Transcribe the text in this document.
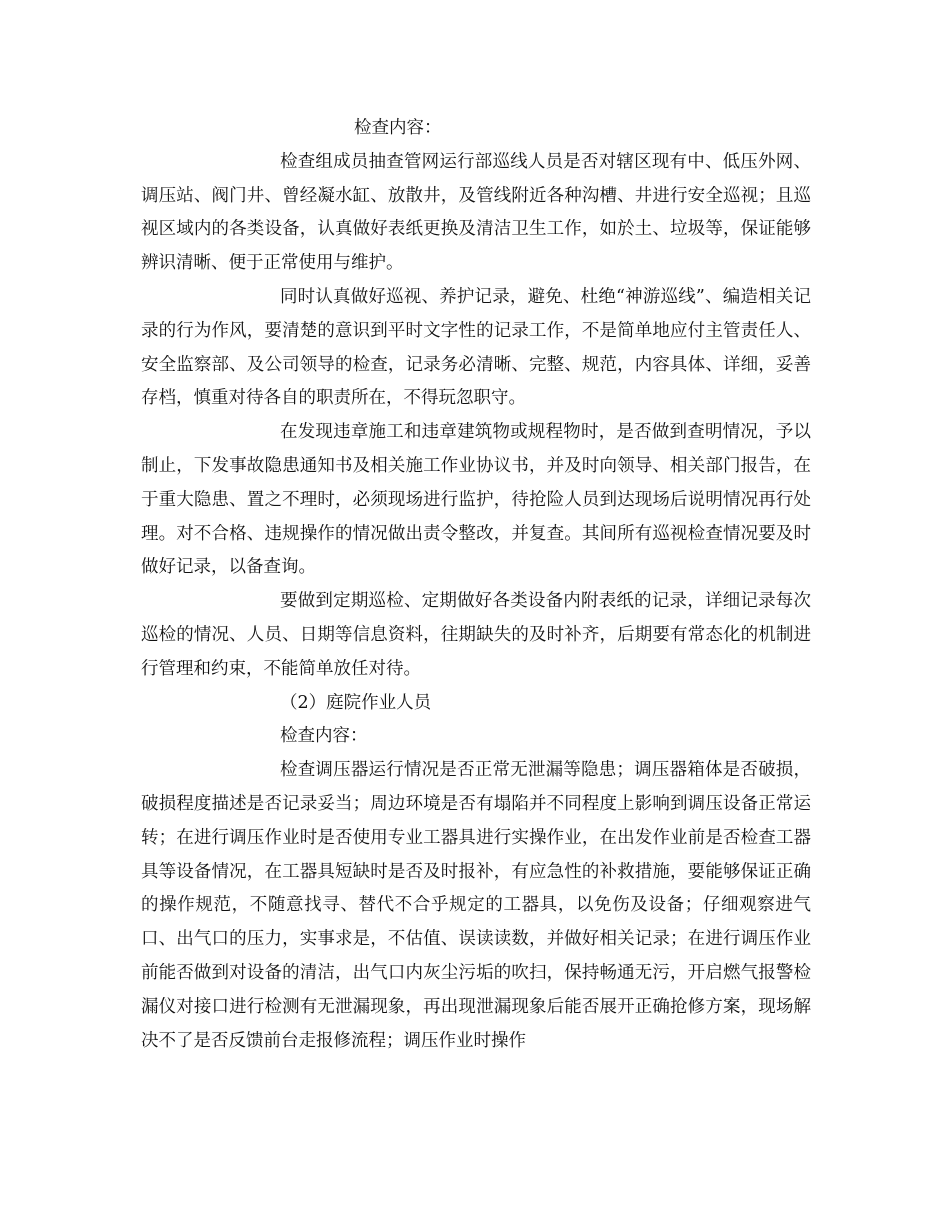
检查内容：

检查组成员抽查管网运行部巡线人员是否对辖区现有中、低压外网、调压站、阀门井、曾经凝水缸、放散井，及管线附近各种沟槽、井进行安全巡视；且巡视区域内的各类设备，认真做好表纸更换及清洁卫生工作，如於土、垃圾等，保证能够辨识清晰、便于正常使用与维护。

同时认真做好巡视、养护记录，避免、杜绝“神游巡线”、编造相关记录的行为作风，要清楚的意识到平时文字性的记录工作，不是简单地应付主管责任人、安全监察部、及公司领导的检查，记录务必清晰、完整、规范，内容具体、详细，妥善存档，慎重对待各自的职责所在，不得玩忽职守。

在发现违章施工和违章建筑物或规程物时，是否做到查明情况，予以制止，下发事故隐患通知书及相关施工作业协议书，并及时向领导、相关部门报告，在于重大隐患、置之不理时，必须现场进行监护，待抢险人员到达现场后说明情况再行处理。对不合格、违规操作的情况做出责令整改，并复查。其间所有巡视检查情况要及时做好记录，以备查询。

要做到定期巡检、定期做好各类设备内附表纸的记录，详细记录每次巡检的情况、人员、日期等信息资料，往期缺失的及时补齐，后期要有常态化的机制进行管理和约束，不能简单放任对待。

（2）庭院作业人员

检查内容：

检查调压器运行情况是否正常无泄漏等隐患；调压器箱体是否破损，破损程度描述是否记录妥当；周边环境是否有塌陷并不同程度上影响到调压设备正常运转；在进行调压作业时是否使用专业工器具进行实操作业，在出发作业前是否检查工器具等设备情况，在工器具短缺时是否及时报补，有应急性的补救措施，要能够保证正确的操作规范，不随意找寻、替代不合乎规定的工器具，以免伤及设备；仔细观察进气口、出气口的压力，实事求是，不估值、误读读数，并做好相关记录；在进行调压作业前能否做到对设备的清洁，出气口内灰尘污垢的吹扫，保持畅通无污，开启燃气报警检漏仪对接口进行检测有无泄漏现象，再出现泄漏现象后能否展开正确抢修方案，现场解决不了是否反馈前台走报修流程；调压作业时操作
